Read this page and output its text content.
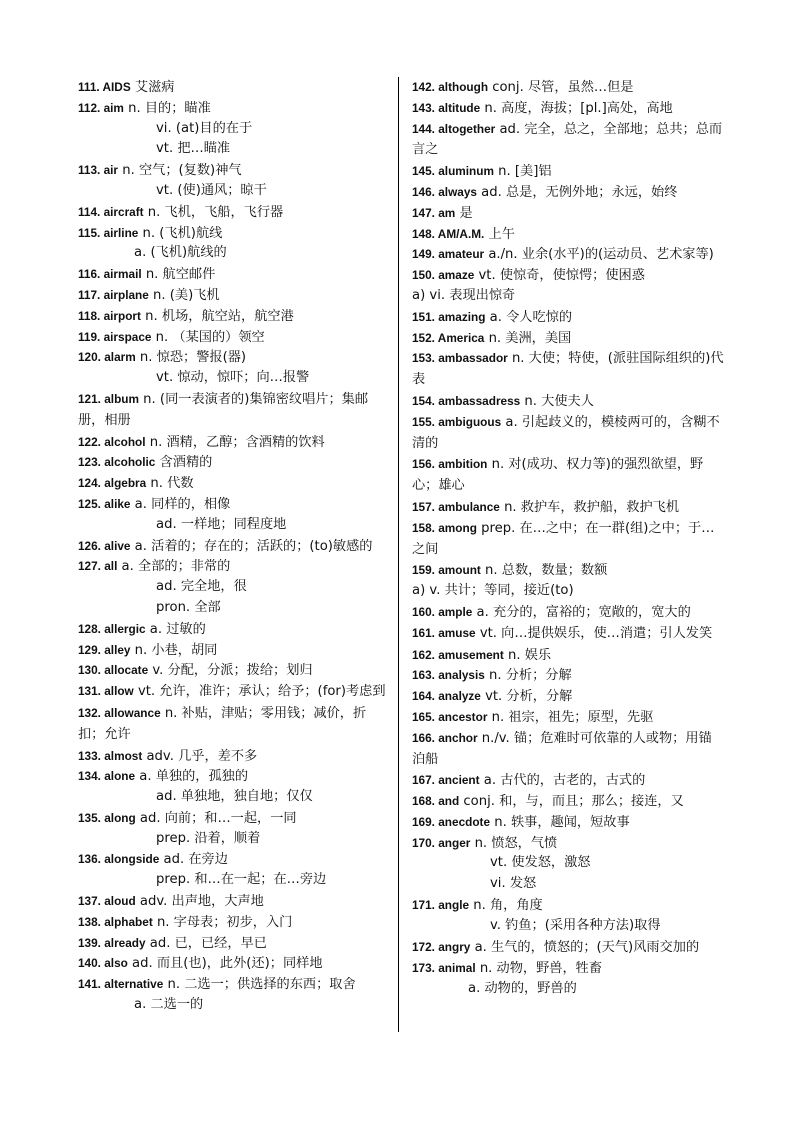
111. AIDS 艾滋病
112. aim n. 目的；瞄准
vi. (at)目的在于
vt. 把…瞄准
113. air n. 空气；(复数)神气
vt. (使)通风；晾干
114. aircraft n. 飞机，飞船，飞行器
115. airline n. (飞机)航线
a. (飞机)航线的
116. airmail n. 航空邮件
117. airplane n. (美)飞机
118. airport n. 机场，航空站，航空港
119. airspace n. （某国的）领空
120. alarm n. 惊恐；警报(器)
vt. 惊动，惊吓；向…报警
121. album n. (同一表演者的)集锦密纹唱片；集邮册，相册
122. alcohol n. 酒精，乙醇；含酒精的饮料
123. alcoholic 含酒精的
124. algebra n. 代数
125. alike a. 同样的，相像
ad. 一样地；同程度地
126. alive a. 活着的；存在的；活跃的；(to)敏感的
127. all a. 全部的；非常的
ad. 完全地，很
pron. 全部
128. allergic a. 过敏的
129. alley n. 小巷，胡同
130. allocate v. 分配，分派；拨给；划归
131. allow vt. 允许，准许；承认；给予；(for)考虑到
132. allowance n. 补贴，津贴；零用钱；减价，折扣；允许
133. almost adv. 几乎，差不多
134. alone a. 单独的，孤独的
ad. 单独地，独自地；仅仅
135. along ad. 向前；和…一起，一同
prep. 沿着，顺着
136. alongside ad. 在旁边
prep. 和…在一起；在…旁边
137. aloud adv. 出声地，大声地
138. alphabet n. 字母表；初步，入门
139. already ad. 已，已经，早已
140. also ad. 而且(也)，此外(还)；同样地
141. alternative n. 二选一；供选择的东西；取舍
a. 二选一的
142. although conj. 尽管，虽然…但是
143. altitude n. 高度，海拔；[pl.]高处，高地
144. altogether ad. 完全，总之，全部地；总共；总而言之
145. aluminum n. [美]铝
146. always ad. 总是，无例外地；永远，始终
147. am 是
148. AM/A.M. 上午
149. amateur a./n. 业余(水平)的(运动员、艺术家等)
150. amaze vt. 使惊奇，使惊愕；使困惑
a) vi. 表现出惊奇
151. amazing a. 令人吃惊的
152. America n. 美洲，美国
153. ambassador n. 大使；特使，(派驻国际组织的)代表
154. ambassadress n. 大使夫人
155. ambiguous a. 引起歧义的，模棱两可的，含糊不清的
156. ambition n. 对(成功、权力等)的强烈欲望，野心；雄心
157. ambulance n. 救护车，救护船，救护飞机
158. among prep. 在…之中；在一群(组)之中；于…之间
159. amount n. 总数，数量；数额
a) v. 共计；等同，接近(to)
160. ample a. 充分的，富裕的；宽敞的，宽大的
161. amuse vt. 向…提供娱乐，使…消遣；引人发笑
162. amusement n. 娱乐
163. analysis n. 分析；分解
164. analyze vt. 分析，分解
165. ancestor n. 祖宗，祖先；原型，先驱
166. anchor n./v. 锚；危难时可依靠的人或物；用锚泊船
167. ancient a. 古代的，古老的，古式的
168. and conj. 和，与，而且；那么；接连，又
169. anecdote n. 轶事，趣闻，短故事
170. anger n. 愤怒，气愤
vt. 使发怒，激怒
vi. 发怒
171. angle n. 角，角度
v. 钓鱼；(采用各种方法)取得
172. angry a. 生气的，愤怒的；(天气)风雨交加的
173. animal n. 动物，野兽，牲畜
a. 动物的，野兽的
